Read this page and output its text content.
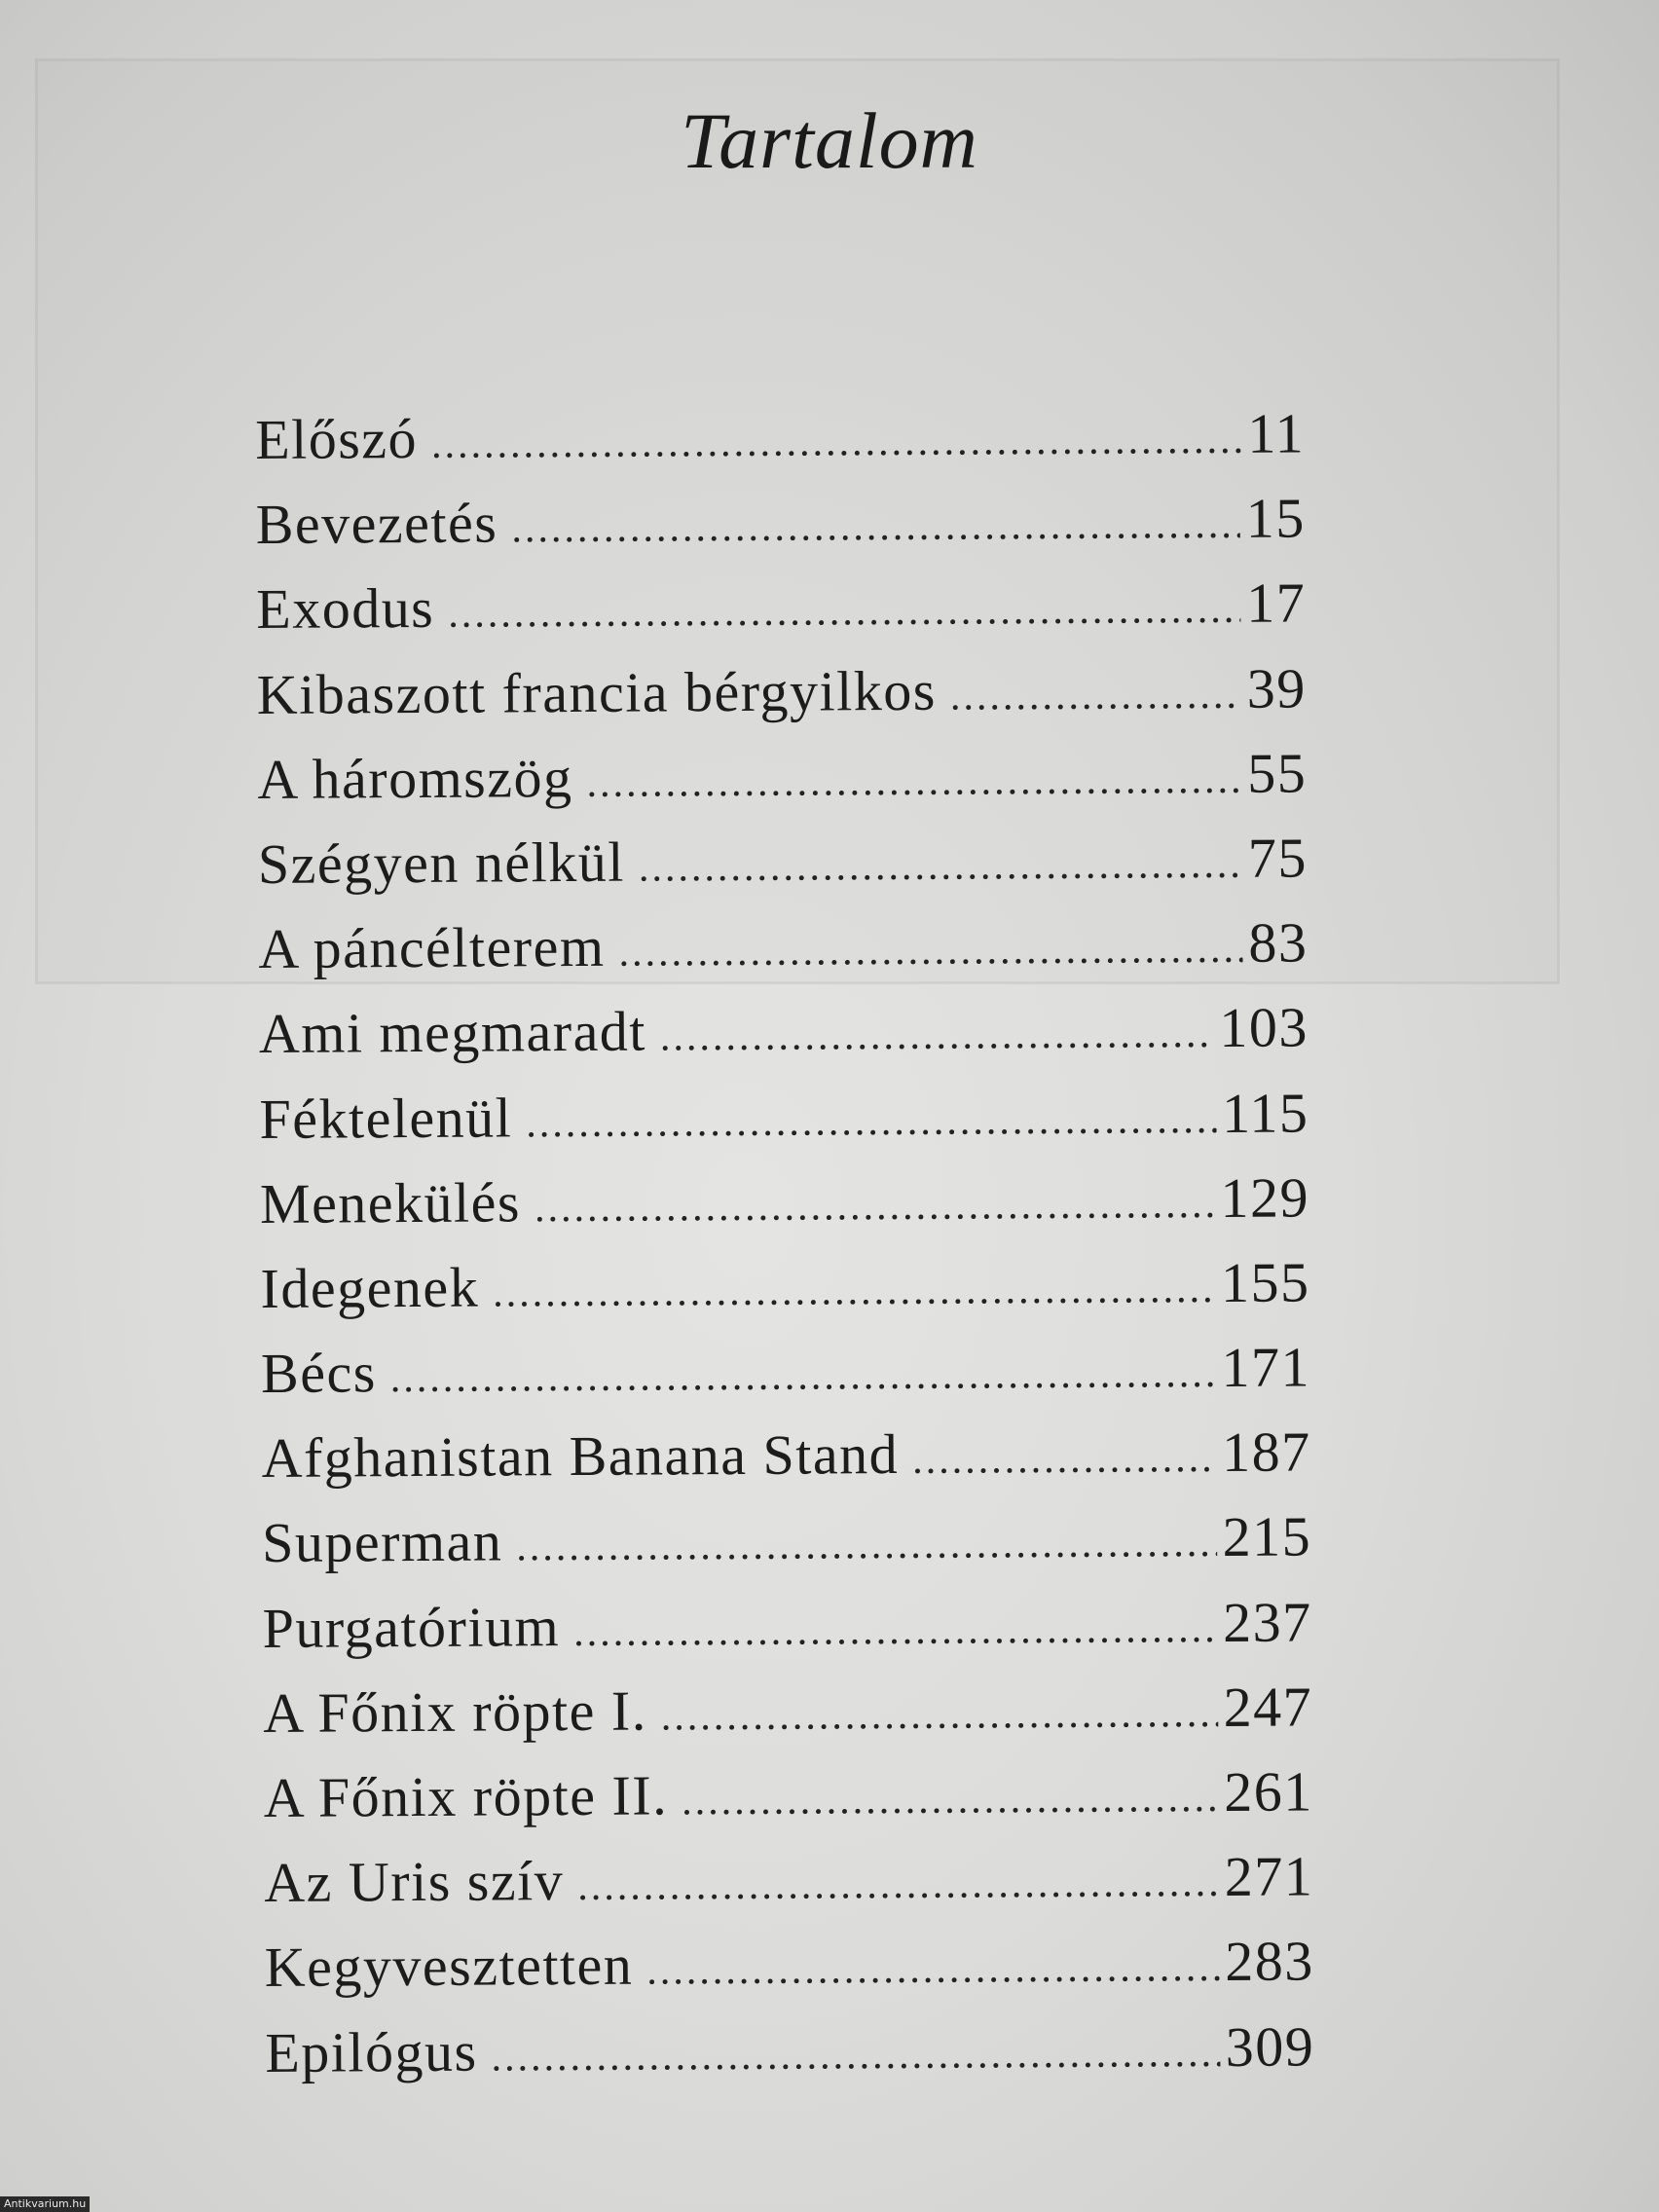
Tartalom
Előszó .....	11
Bevezetés .....	15
Exodus .....	17
Kibaszott francia bérgyilkos .....	39
A háromszög .....	55
Szégyen nélkül .....	75
A páncélterem .....	83
Ami megmaradt .....	103
Féktelenül .....	115
Menekülés .....	129
Idegenek .....	155
Bécs .....	171
Afghanistan Banana Stand .....	187
Superman .....	215
Purgatórium .....	237
A Főnix röpte I. .....	247
A Főnix röpte II. .....	261
Az Uris szív .....	271
Kegyvesztetten .....	283
Epilógus .....	309
Antikvarium.hu
